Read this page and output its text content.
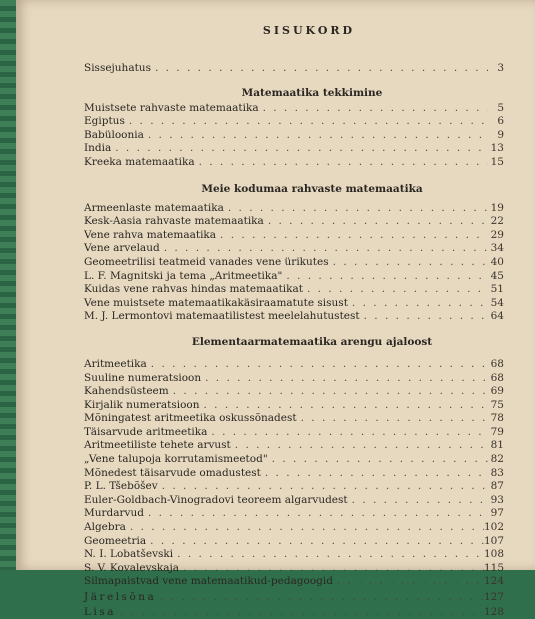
SISUKORD
Sissejuhatus . . .	3
Matemaatika tekkimine
Muistsete rahvaste matemaatika . . .	5
Egiptus . . .	6
Babüloonia . . .	9
India . . .	13
Kreeka matemaatika . . .	15
Meie kodumaa rahvaste matemaatika
Armeenlaste matemaatika . . .	19
Kesk-Aasia rahvaste matemaatika . . .	22
Vene rahva matemaatika . . .	29
Vene arvelaud . . .	34
Geomeetrilisi teatmeid vanades vene ürikutes . . .	40
L. F. Magnitski ja tema „Aritmeetika" . . .	45
Kuidas vene rahvas hindas matemaatikat . . .	51
Vene muistsete matemaatikakäsiraamatute sisust . . .	54
M. J. Lermontovi matemaatilistest meelelahutustest . . .	64
Elementaarmatemaatika arengu ajaloost
Aritmeetika . . .	68
Suuline numeratsioon . . .	68
Kahendsüsteem . . .	69
Kirjalik numeratsioon . . .	75
Mõningatest aritmeetika oskussõnadest . . .	78
Täisarvude aritmeetika . . .	79
Aritmeetiliste tehete arvust . . .	81
„Vene talupoja korrutamismeetod" . . .	82
Mõnedest täisarvude omadustest . . .	83
P. L. Tšebõšev . . .	87
Euler-Goldbach-Vinogradovi teoreem algarvudest . . .	93
Murdarvud . . .	97
Algebra . . .	102
Geomeetria . . .	107
N. I. Lobatševski . . .	108
S. V. Kovalevskaja . . .	115
Silmapaistvad vene matemaatikud-pedagoogid . . .	124
Järelsõna . . .	127
Lisa . . .	128
